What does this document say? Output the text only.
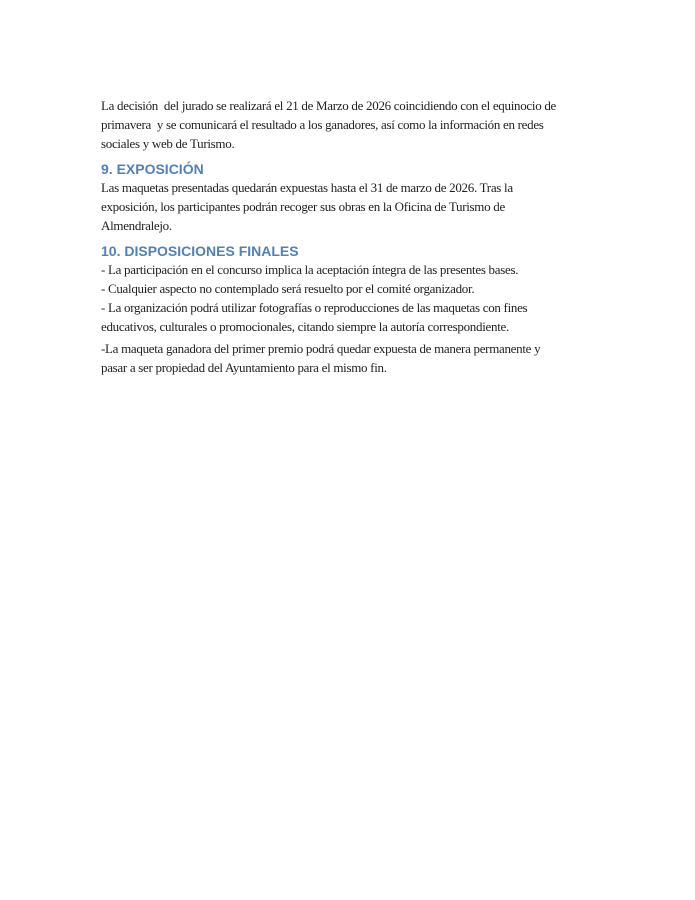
La decisión  del jurado se realizará el 21 de Marzo de 2026 coincidiendo con el equinocio de
primavera  y se comunicará el resultado a los ganadores, así como la información en redes
sociales y web de Turismo.

9. EXPOSICIÓN

Las maquetas presentadas quedarán expuestas hasta el 31 de marzo de 2026. Tras la
exposición, los participantes podrán recoger sus obras en la Oficina de Turismo de
Almendralejo.

10. DISPOSICIONES FINALES

- La participación en el concurso implica la aceptación íntegra de las presentes bases.
- Cualquier aspecto no contemplado será resuelto por el comité organizador.
- La organización podrá utilizar fotografías o reproducciones de las maquetas con fines
educativos, culturales o promocionales, citando siempre la autoría correspondiente.

-La maqueta ganadora del primer premio podrá quedar expuesta de manera permanente y
pasar a ser propiedad del Ayuntamiento para el mismo fin.
